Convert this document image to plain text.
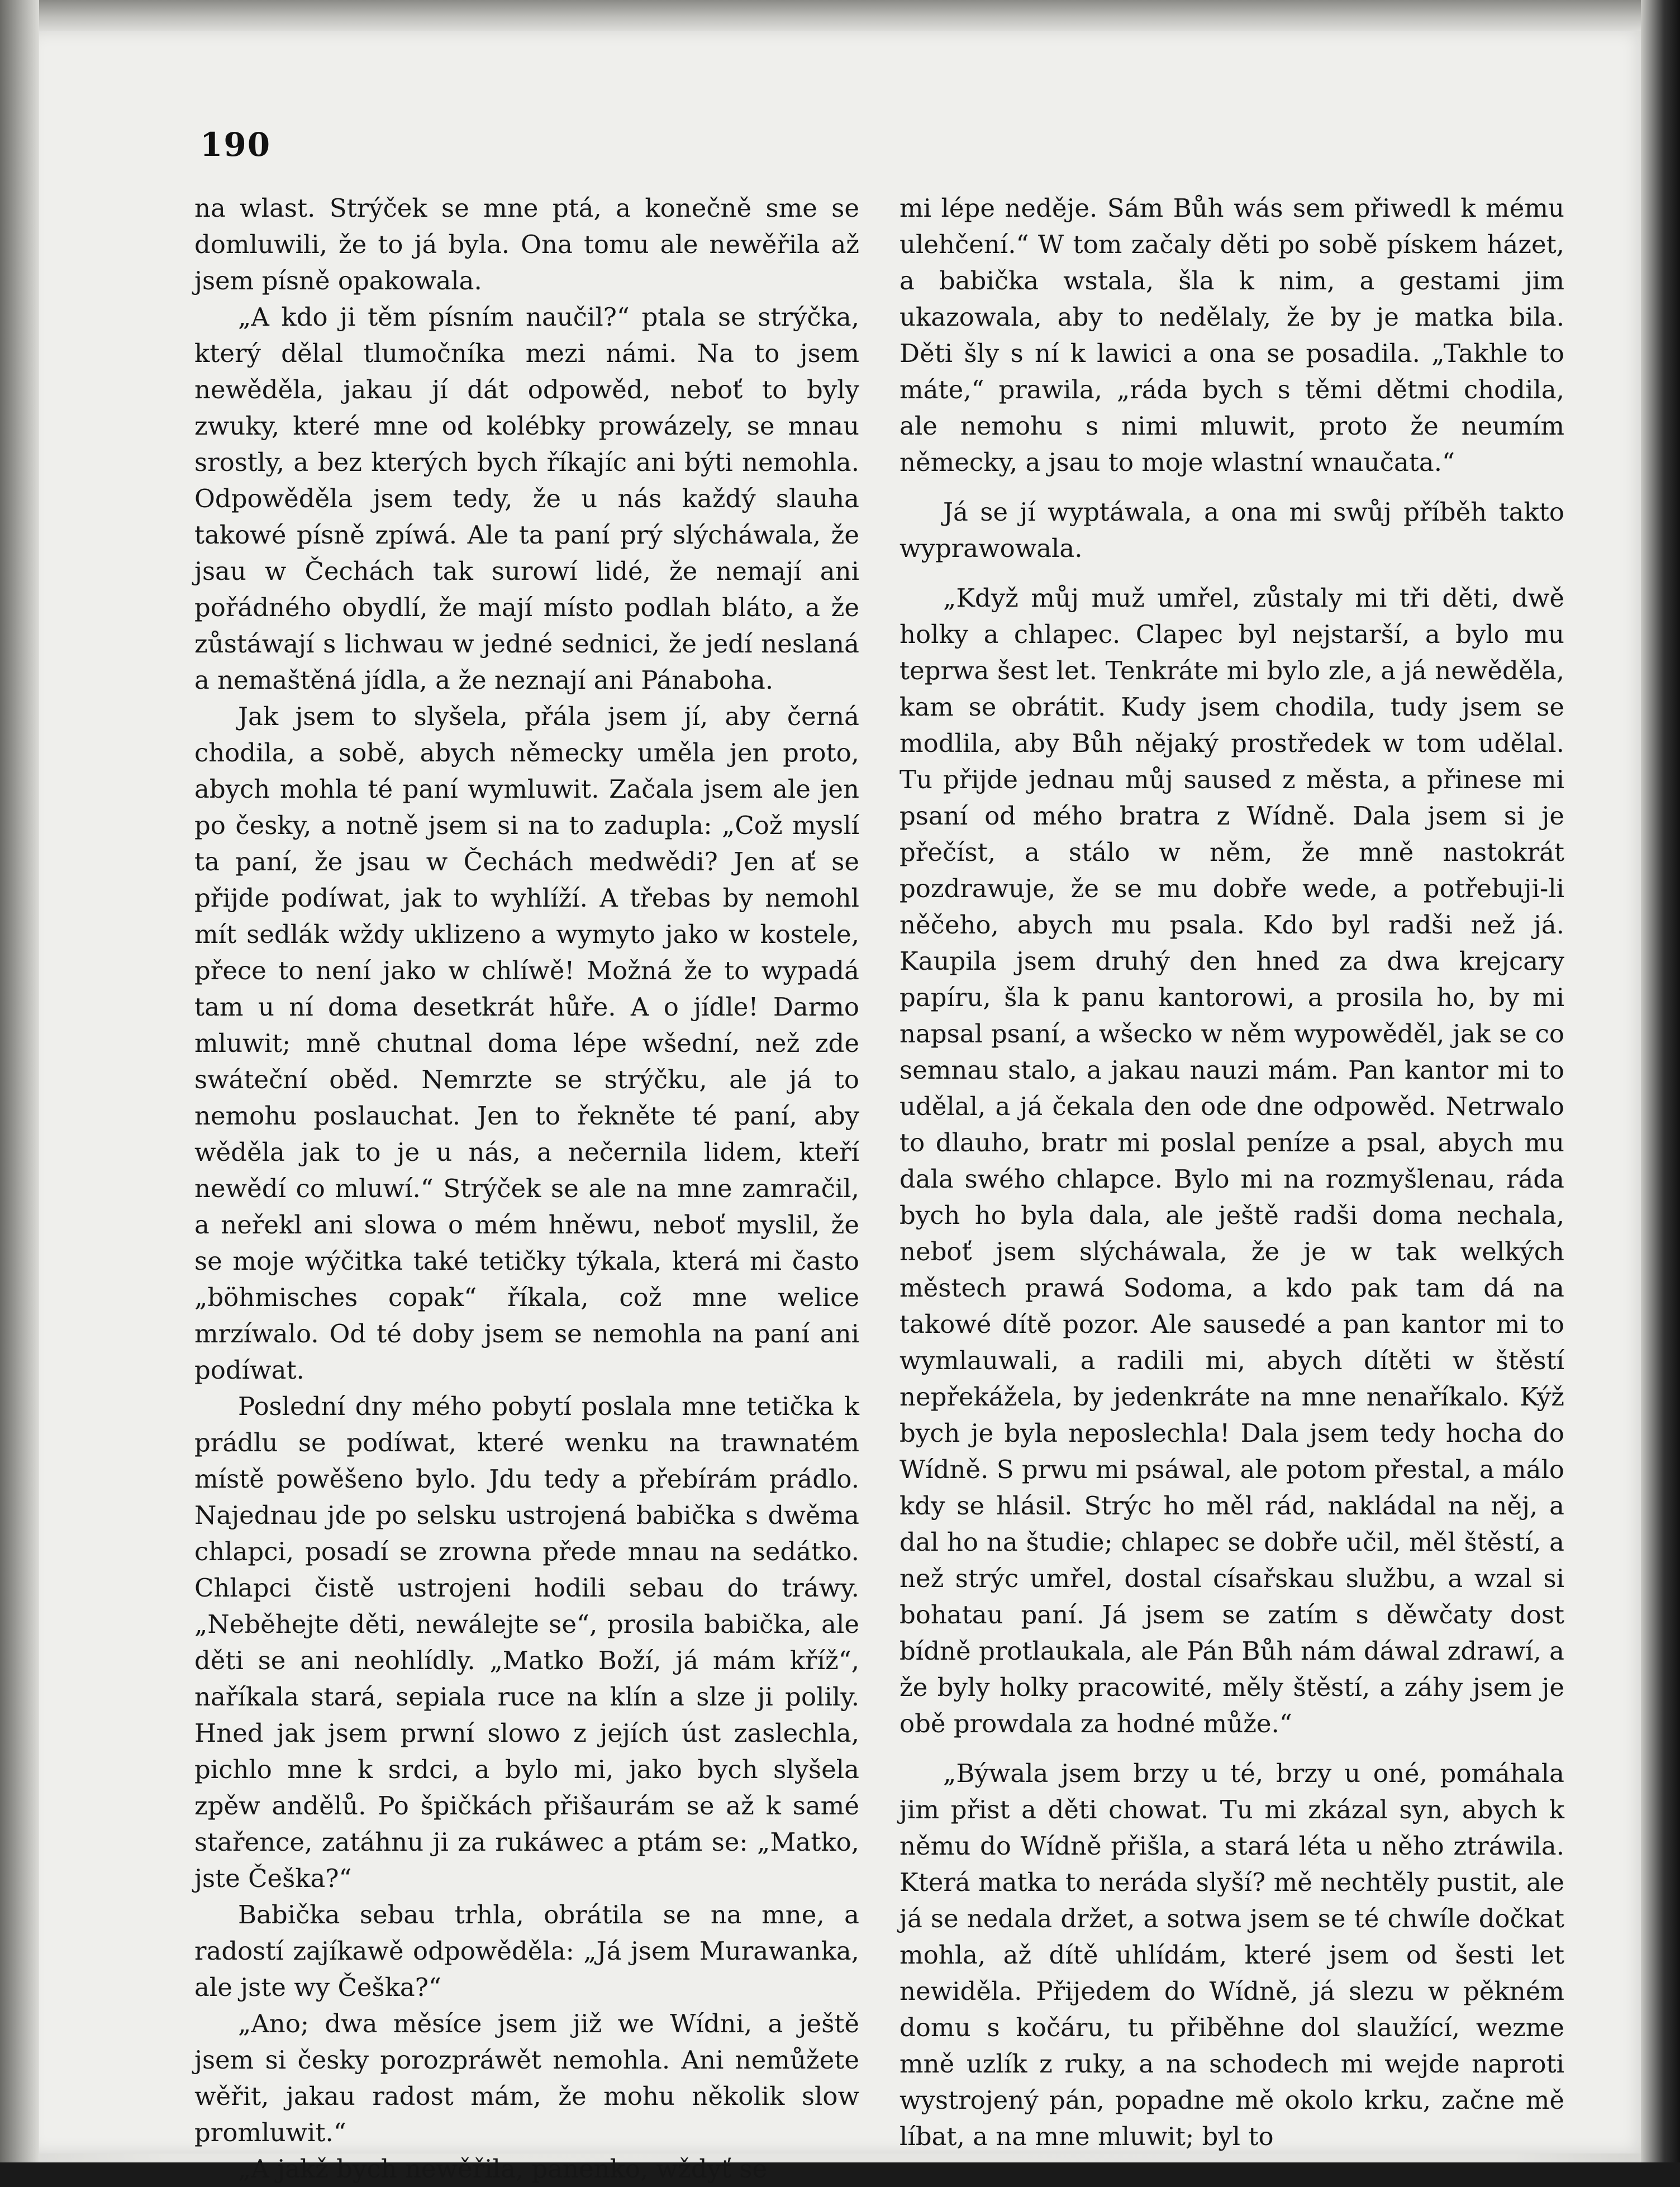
190

na wlast. Strýček se mne ptá, a konečně sme se domluwili, že to já byla. Ona tomu ale newěřila až jsem písně opakowala.

„A kdo ji těm písním naučil?“ ptala se strýčka, který dělal tlumočníka mezi námi. Na to jsem newěděla, jakau jí dát odpowěd, neboť to byly zwuky, které mne od kolébky prowázely, se mnau srostly, a bez kterých bych říkajíc ani býti nemohla. Odpowěděla jsem tedy, že u nás každý slauha takowé písně zpíwá. Ale ta paní prý slýcháwala, že jsau w Čechách tak surowí lidé, že nemají ani pořádného obydlí, že mají místo podlah bláto, a že zůstáwají s lichwau w jedné sednici, že jedí neslaná a nemaštěná jídla, a že neznají ani Pánaboha.

Jak jsem to slyšela, přála jsem jí, aby černá chodila, a sobě, abych německy uměla jen proto, abych mohla té paní wymluwit. Začala jsem ale jen po česky, a notně jsem si na to zadupla: „Což myslí ta paní, že jsau w Čechách medwědi? Jen ať se přijde podíwat, jak to wyhlíží. A třebas by nemohl mít sedlák wždy uklizeno a wymyto jako w kostele, přece to není jako w chlíwě! Možná že to wypadá tam u ní doma desetkrát hůře. A o jídle! Darmo mluwit; mně chutnal doma lépe wšední, než zde swáteční oběd. Nemrzte se strýčku, ale já to nemohu poslauchat. Jen to řekněte té paní, aby wěděla jak to je u nás, a nečernila lidem, kteří newědí co mluwí.“ Strýček se ale na mne zamračil, a neřekl ani slowa o mém hněwu, neboť myslil, že se moje wýčitka také tetičky týkala, která mi často „böhmisches copak“ říkala, což mne welice mrzíwalo. Od té doby jsem se nemohla na paní ani podíwat.

Poslední dny mého pobytí poslala mne tetička k prádlu se podíwat, které wenku na trawnatém místě powěšeno bylo. Jdu tedy a přebírám prádlo. Najednau jde po selsku ustrojená babička s dwěma chlapci, posadí se zrowna přede mnau na sedátko. Chlapci čistě ustrojeni hodili sebau do tráwy. „Neběhejte děti, newálejte se“, prosila babička, ale děti se ani neohlídly. „Matko Boží, já mám kříž“, naříkala stará, sepiala ruce na klín a slze ji polily. Hned jak jsem prwní slowo z jejích úst zaslechla, pichlo mne k srdci, a bylo mi, jako bych slyšela zpěw andělů. Po špičkách přišaurám se až k samé stařence, zatáhnu ji za rukáwec a ptám se: „Matko, jste Češka?“

Babička sebau trhla, obrátila se na mne, a radostí zajíkawě odpowěděla: „Já jsem Murawanka, ale jste wy Češka?“

„Ano; dwa měsíce jsem již we Wídni, a ještě jsem si česky porozpráwět nemohla. Ani nemůžete wěřit, jakau radost mám, že mohu několik slow promluwit.“

„A jakž bych newěřila, panenko, wždyť se

mi lépe neděje. Sám Bůh wás sem přiwedl k mému ulehčení.“ W tom začaly děti po sobě pískem házet, a babička wstala, šla k nim, a gestami jim ukazowala, aby to nedělaly, že by je matka bila. Děti šly s ní k lawici a ona se posadila. „Takhle to máte,“ prawila, „ráda bych s těmi dětmi chodila, ale nemohu s nimi mluwit, proto že neumím německy, a jsau to moje wlastní wnaučata.“

Já se jí wyptáwala, a ona mi swůj příběh takto wyprawowala.

„Když můj muž umřel, zůstaly mi tři děti, dwě holky a chlapec. Clapec byl nejstarší, a bylo mu teprwa šest let. Tenkráte mi bylo zle, a já newěděla, kam se obrátit. Kudy jsem chodila, tudy jsem se modlila, aby Bůh nějaký prostředek w tom udělal. Tu přijde jednau můj saused z města, a přinese mi psaní od mého bratra z Wídně. Dala jsem si je přečíst, a stálo w něm, že mně nastokrát pozdrawuje, že se mu dobře wede, a potřebuji-li něčeho, abych mu psala. Kdo byl radši než já. Kaupila jsem druhý den hned za dwa krejcary papíru, šla k panu kantorowi, a prosila ho, by mi napsal psaní, a wšecko w něm wypowěděl, jak se co semnau stalo, a jakau nauzi mám. Pan kantor mi to udělal, a já čekala den ode dne odpowěd. Netrwalo to dlauho, bratr mi poslal peníze a psal, abych mu dala swého chlapce. Bylo mi na rozmyšlenau, ráda bych ho byla dala, ale ještě radši doma nechala, neboť jsem slýcháwala, že je w tak welkých městech prawá Sodoma, a kdo pak tam dá na takowé dítě pozor. Ale sausedé a pan kantor mi to wymlauwali, a radili mi, abych dítěti w štěstí nepřekážela, by jedenkráte na mne nenaříkalo. Kýž bych je byla neposlechla! Dala jsem tedy hocha do Wídně. S prwu mi psáwal, ale potom přestal, a málo kdy se hlásil. Strýc ho měl rád, nakládal na něj, a dal ho na študie; chlapec se dobře učil, měl štěstí, a než strýc umřel, dostal císařskau službu, a wzal si bohatau paní. Já jsem se zatím s děwčaty dost bídně protlaukala, ale Pán Bůh nám dáwal zdrawí, a že byly holky pracowité, měly štěstí, a záhy jsem je obě prowdala za hodné může.“

„Býwala jsem brzy u té, brzy u oné, pomáhala jim přist a děti chowat. Tu mi zkázal syn, abych k němu do Wídně přišla, a stará léta u něho ztráwila. Která matka to nerádа slyší? mě nechtěly pustit, ale já se nedala držet, a sotwa jsem se té chwíle dočkat mohla, až dítě uhlídám, které jsem od šesti let newiděla. Přijedem do Wídně, já slezu w pěkném domu s kočáru, tu přiběhne dol slaužící, wezme mně uzlík z ruky, a na schodech mi wejde naproti wystrojený pán, popadne mě okolo krku, začne mě líbat, a na mne mluwit; byl to
